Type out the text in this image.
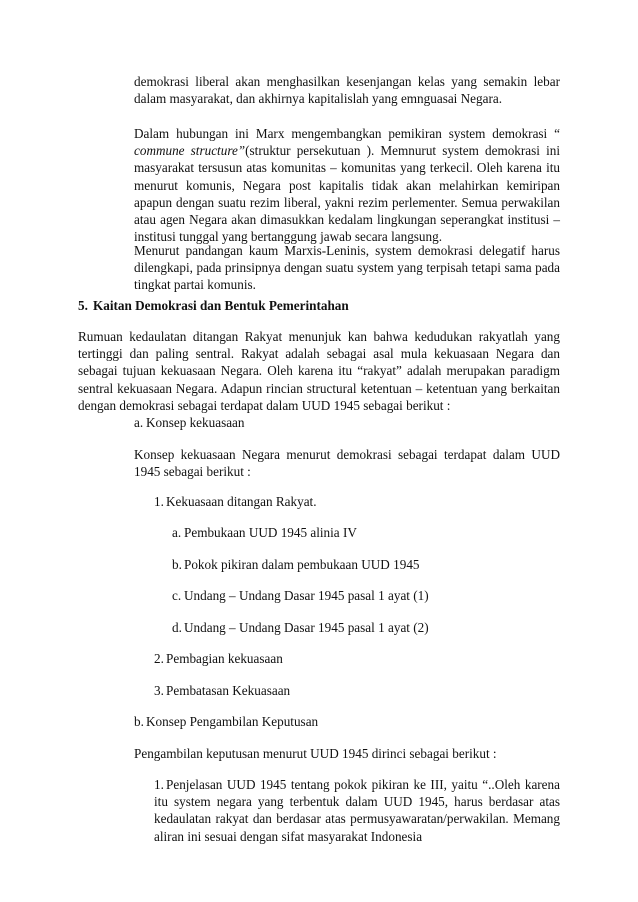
demokrasi liberal akan menghasilkan kesenjangan kelas yang semakin lebar dalam masyarakat, dan akhirnya kapitalislah yang emnguasai Negara.

Dalam hubungan ini Marx mengembangkan pemikiran system demokrasi “ commune structure”(struktur persekutuan ). Memnurut system demokrasi ini masyarakat tersusun atas komunitas – komunitas yang terkecil. Oleh karena itu menurut komunis, Negara post kapitalis tidak akan melahirkan kemiripan apapun dengan suatu rezim liberal, yakni rezim perlementer. Semua perwakilan atau agen Negara akan dimasukkan kedalam lingkungan seperangkat institusi – institusi tunggal yang bertanggung jawab secara langsung.

Menurut pandangan kaum Marxis-Leninis, system demokrasi delegatif harus dilengkapi, pada prinsipnya dengan suatu system yang terpisah tetapi sama pada tingkat partai komunis.

5. Kaitan Demokrasi dan Bentuk Pemerintahan

Rumuan kedaulatan ditangan Rakyat menunjuk kan bahwa kedudukan rakyatlah yang tertinggi dan paling sentral. Rakyat adalah sebagai asal mula kekuasaan Negara dan sebagai tujuan kekuasaan Negara. Oleh karena itu “rakyat” adalah merupakan paradigm sentral kekuasaan Negara. Adapun rincian structural ketentuan – ketentuan yang berkaitan dengan demokrasi sebagai terdapat dalam UUD 1945 sebagai berikut :

a. Konsep kekuasaan

Konsep kekuasaan Negara menurut demokrasi sebagai terdapat dalam UUD 1945 sebagai berikut :

1. Kekuasaan ditangan Rakyat.

a. Pembukaan UUD 1945 alinia IV

b. Pokok pikiran dalam pembukaan UUD 1945

c. Undang – Undang Dasar 1945 pasal 1 ayat (1)

d. Undang – Undang Dasar 1945 pasal 1 ayat (2)

2. Pembagian kekuasaan

3. Pembatasan Kekuasaan

b. Konsep Pengambilan Keputusan

Pengambilan keputusan menurut UUD 1945 dirinci sebagai berikut :

1. Penjelasan UUD 1945 tentang pokok pikiran ke III, yaitu “..Oleh karena itu system negara yang terbentuk dalam UUD 1945, harus berdasar atas kedaulatan rakyat dan berdasar atas permusyawaratan/perwakilan. Memang aliran ini sesuai dengan sifat masyarakat Indonesia
